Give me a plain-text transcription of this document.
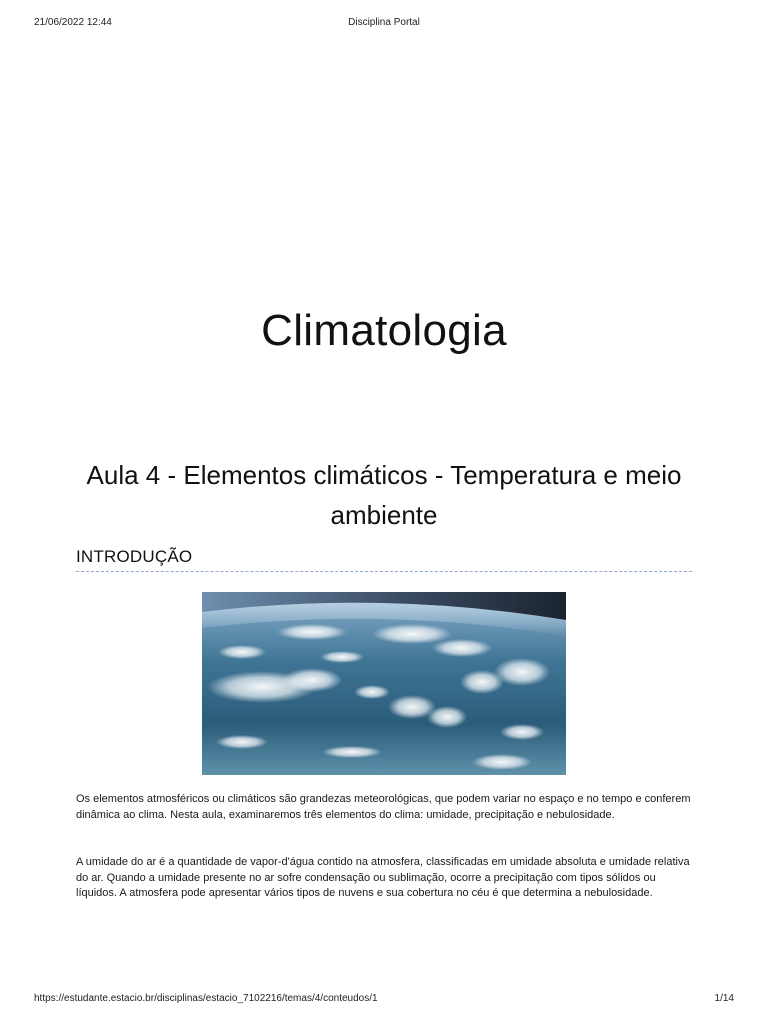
21/06/2022 12:44	Disciplina Portal
Climatologia
Aula 4 - Elementos climáticos - Temperatura e meio ambiente
INTRODUÇÃO

Os elementos atmosféricos ou climáticos são grandezas meteorológicas, que podem variar no espaço e no tempo e conferem dinâmica ao clima. Nesta aula, examinaremos três elementos do clima: umidade, precipitação e nebulosidade.

A umidade do ar é a quantidade de vapor-d'água contido na atmosfera, classificadas em umidade absoluta e umidade relativa do ar. Quando a umidade presente no ar sofre condensação ou sublimação, ocorre a precipitação com tipos sólidos ou líquidos. A atmosfera pode apresentar vários tipos de nuvens e sua cobertura no céu é que determina a nebulosidade.

https://estudante.estacio.br/disciplinas/estacio_7102216/temas/4/conteudos/1	1/14
